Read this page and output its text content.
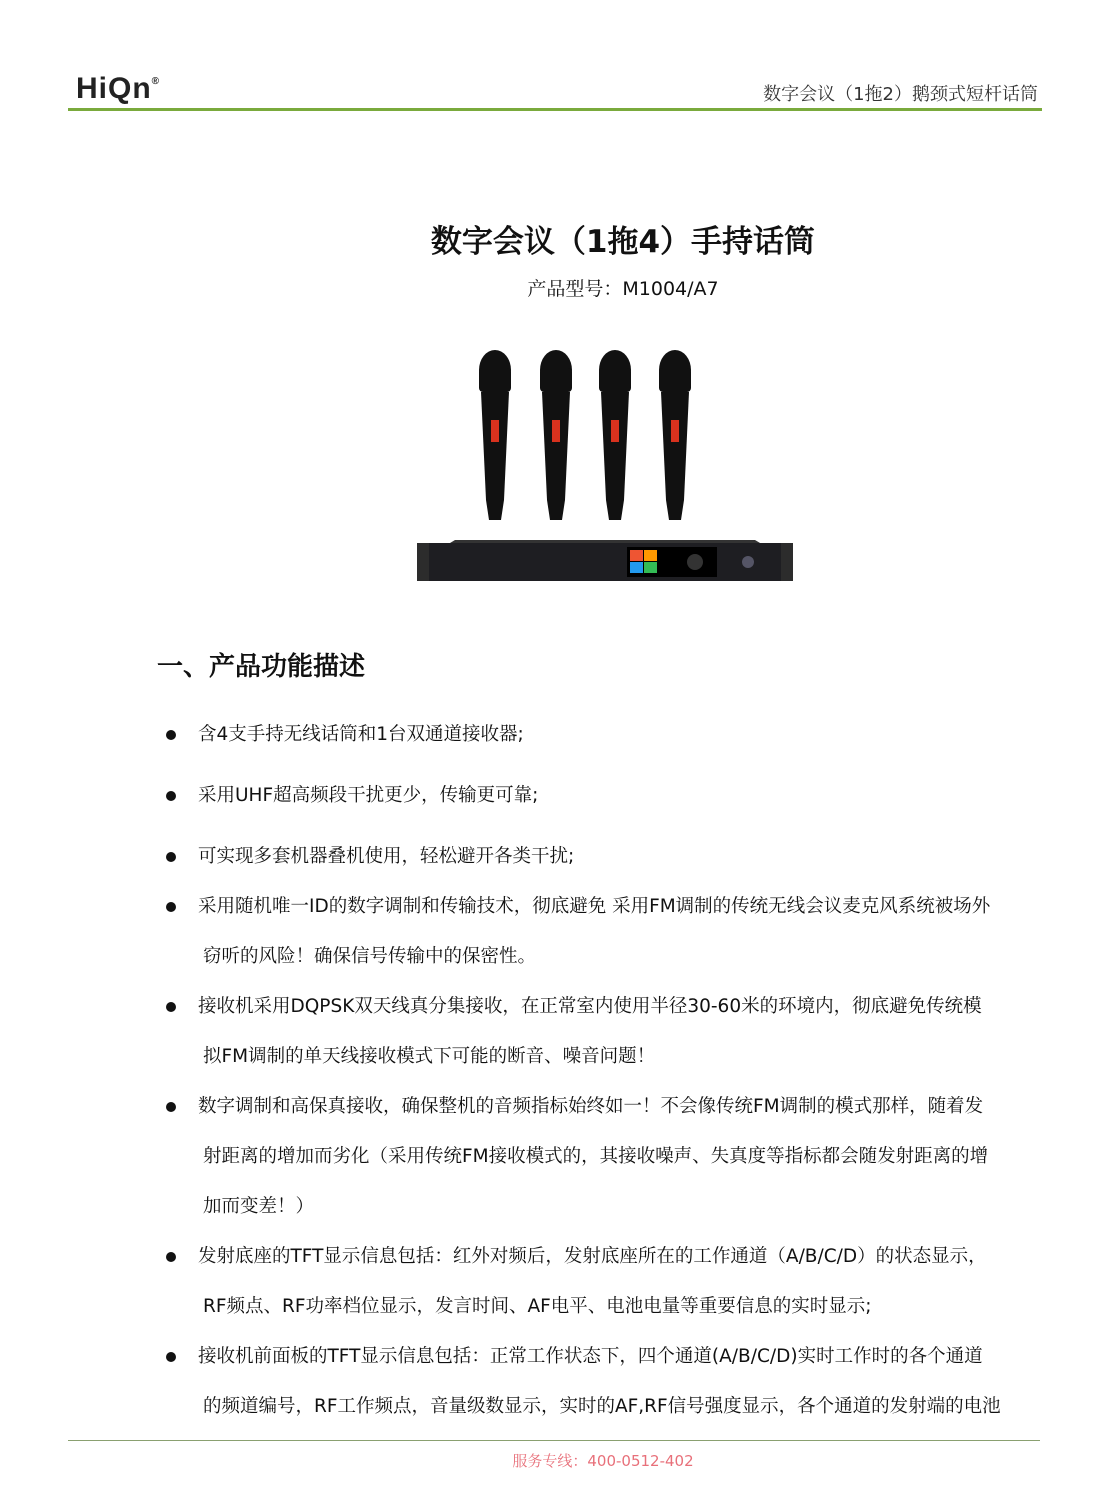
HiQn®
数字会议（1拖2）鹅颈式短杆话筒
数字会议（1拖4）手持话筒
产品型号：M1004/A7
一、产品功能描述
含4支手持无线话筒和1台双通道接收器;
采用UHF超高频段干扰更少，传输更可靠;
可实现多套机器叠机使用，轻松避开各类干扰;
采用随机唯一ID的数字调制和传输技术，彻底避免 采用FM调制的传统无线会议麦克风系统被场外
窃听的风险！确保信号传输中的保密性。
接收机采用DQPSK双天线真分集接收，在正常室内使用半径30-60米的环境内，彻底避免传统模
拟FM调制的单天线接收模式下可能的断音、噪音问题！
数字调制和高保真接收，确保整机的音频指标始终如一！不会像传统FM调制的模式那样，随着发
射距离的增加而劣化（采用传统FM接收模式的，其接收噪声、失真度等指标都会随发射距离的增
加而变差！）
发射底座的TFT显示信息包括：红外对频后，发射底座所在的工作通道（A/B/C/D）的状态显示，
RF频点、RF功率档位显示，发言时间、AF电平、电池电量等重要信息的实时显示;
接收机前面板的TFT显示信息包括：正常工作状态下，四个通道(A/B/C/D)实时工作时的各个通道
的频道编号，RF工作频点，音量级数显示，实时的AF,RF信号强度显示，各个通道的发射端的电池
服务专线：400-0512-402
